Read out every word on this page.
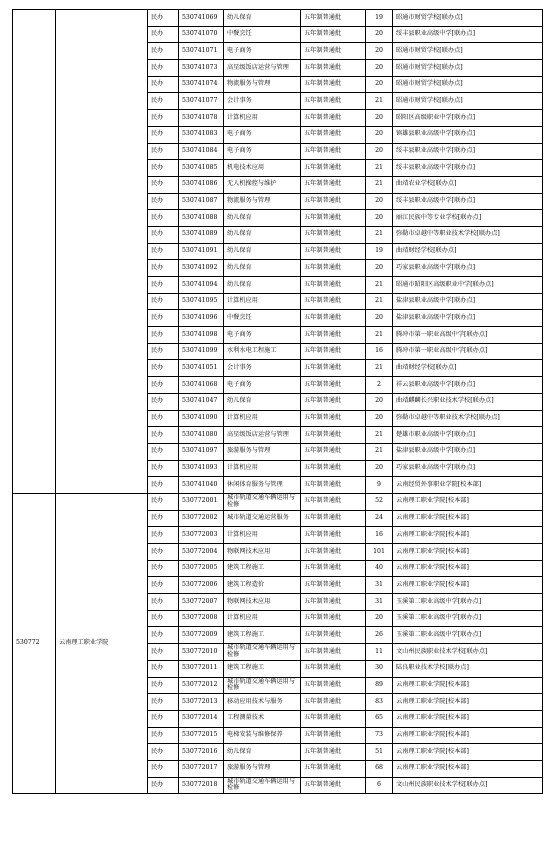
		民办	530741069	幼儿保育	五年制普通批	19	昭通市财贸学校[联办点]
		民办	530741070	中餐烹饪	五年制普通批	20	绥丰县职业高级中学[联办点]
		民办	530741071	电子商务	五年制普通批	20	昭通市财贸学校[联办点]
		民办	530741073	高星级饭店运营与管理	五年制普通批	20	昭通市财贸学校[联办点]
		民办	530741074	物流服务与管理	五年制普通批	20	昭通市财贸学校[联办点]
		民办	530741077	会计事务	五年制普通批	21	昭通市财贸学校[联办点]
		民办	530741078	计算机应用	五年制普通批	20	昭阳区高级职业中学[联办点]
		民办	530741083	电子商务	五年制普通批	20	镇雄县职业高级中学[联办点]
		民办	530741084	电子商务	五年制普通批	20	绥丰县职业高级中学[联办点]
		民办	530741085	机电技术应用	五年制普通批	21	绥丰县职业高级中学[联办点]
		民办	530741086	无人机操控与维护	五年制普通批	21	曲靖农业学校[联办点]
		民办	530741087	物流服务与管理	五年制普通批	20	绥丰县职业高级中学[联办点]
		民办	530741088	幼儿保育	五年制普通批	20	丽江民族中等专业学校[联办点]
		民办	530741089	幼儿保育	五年制普通批	21	弥勒市卓越中等职业技术学校[联办点]
		民办	530741091	幼儿保育	五年制普通批	19	曲靖财经学校[联办点]
		民办	530741092	幼儿保育	五年制普通批	20	巧家县职业高级中学[联办点]
		民办	530741094	幼儿保育	五年制普通批	21	昭通市昭阳区高级职业中学[联办点]
		民办	530741095	计算机应用	五年制普通批	21	盐津县职业高级中学[联办点]
		民办	530741096	中餐烹饪	五年制普通批	20	盐津县职业高级中学[联办点]
		民办	530741098	电子商务	五年制普通批	21	腾冲市第一职业高级中学[联办点]
		民办	530741099	水利水电工程施工	五年制普通批	16	腾冲市第一职业高级中学[联办点]
		民办	530741051	会计事务	五年制普通批	21	曲靖财经学校[联办点]
		民办	530741068	电子商务	五年制普通批	2	祥云县职业高级中学[联办点]
		民办	530741047	幼儿保育	五年制普通批	20	曲靖麒麟长兴职业技术学校[联办点]
		民办	530741090	计算机应用	五年制普通批	20	弥勒市卓越中等职业技术学校[联办点]
		民办	530741080	高星级饭店运营与管理	五年制普通批	21	楚雄市职业高级中学[联办点]
		民办	530741097	旅游服务与管理	五年制普通批	21	盐津县职业高级中学[联办点]
		民办	530741093	计算机应用	五年制普通批	20	巧家县职业高级中学[联办点]
		民办	530741040	休闲体育服务与管理	五年制普通批	9	云南经贸外事职业学院[校本部]
530772	云南理工职业学院	民办	530772001	城市轨道交通车辆运用与检修	五年制普通批	52	云南理工职业学院[校本部]
		民办	530772002	城市轨道交通运营服务	五年制普通批	24	云南理工职业学院[校本部]
		民办	530772003	计算机应用	五年制普通批	16	云南理工职业学院[校本部]
		民办	530772004	物联网技术应用	五年制普通批	101	云南理工职业学院[校本部]
		民办	530772005	建筑工程施工	五年制普通批	40	云南理工职业学院[校本部]
		民办	530772006	建筑工程造价	五年制普通批	31	云南理工职业学院[校本部]
		民办	530772007	物联网技术应用	五年制普通批	31	玉溪第二职业高级中学[联办点]
		民办	530772008	计算机应用	五年制普通批	20	玉溪第二职业高级中学[联办点]
		民办	530772009	建筑工程施工	五年制普通批	26	玉溪第二职业高级中学[联办点]
		民办	530772010	城市轨道交通车辆运用与检修	五年制普通批	11	文山州民族职业技术学校[联办点]
		民办	530772011	建筑工程施工	五年制普通批	30	陆良职业技术学校[联办点]
		民办	530772012	城市轨道交通车辆运用与检修	五年制普通批	89	云南理工职业学院[校本部]
		民办	530772013	移动应用技术与服务	五年制普通批	83	云南理工职业学院[校本部]
		民办	530772014	工程测量技术	五年制普通批	65	云南理工职业学院[校本部]
		民办	530772015	电梯安装与维修保养	五年制普通批	73	云南理工职业学院[校本部]
		民办	530772016	幼儿保育	五年制普通批	51	云南理工职业学院[校本部]
		民办	530772017	旅游服务与管理	五年制普通批	68	云南理工职业学院[校本部]
		民办	530772018	城市轨道交通车辆运用与检修	五年制普通批	6	文山州民族职业技术学校[联办点]
